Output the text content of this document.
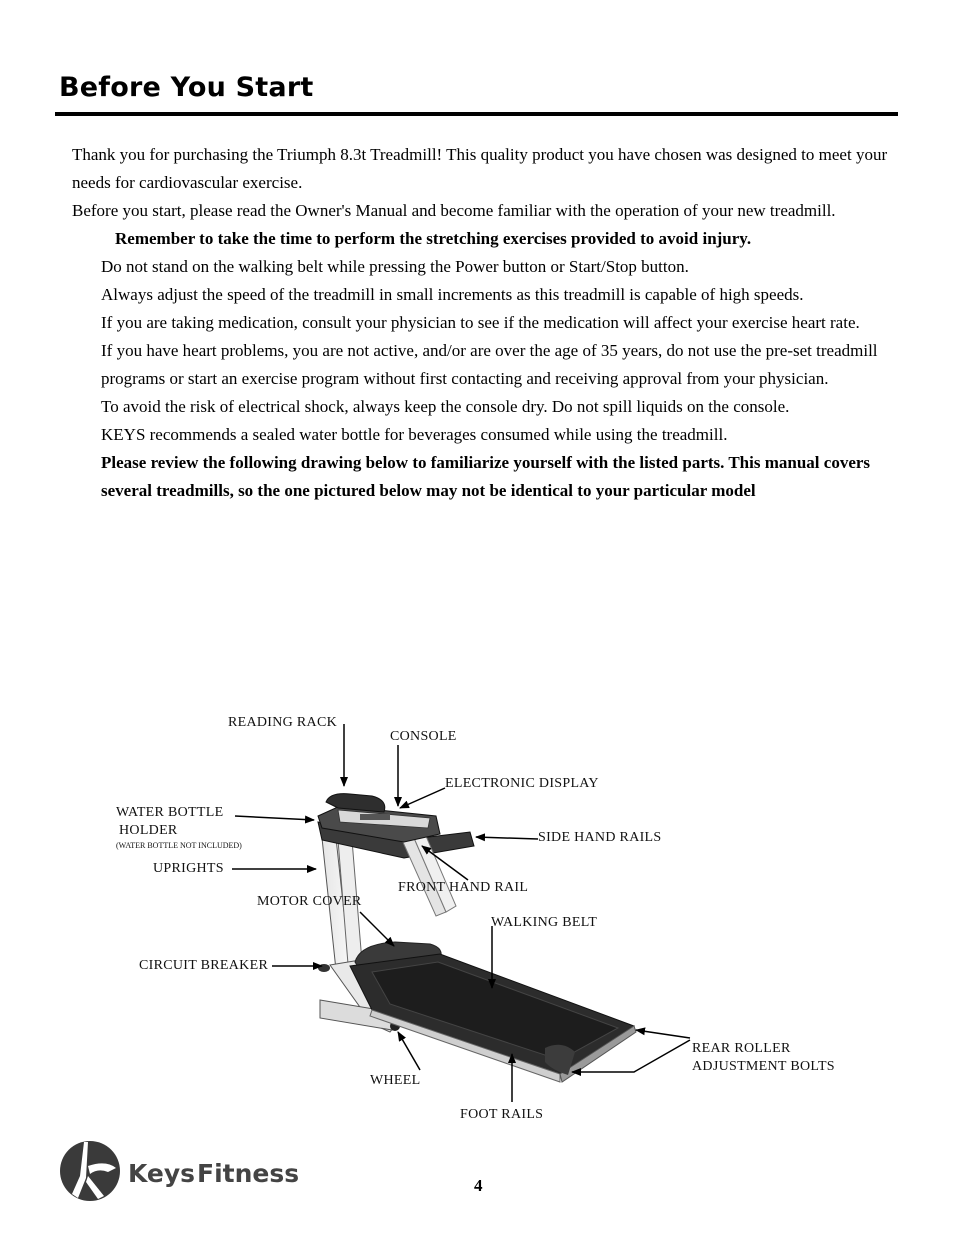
Before You Start

Thank you for purchasing the Triumph 8.3t Treadmill! This quality product you have chosen was designed to meet your needs for cardiovascular exercise.

Before you start, please read the Owner's Manual and become familiar with the operation of your new treadmill.

Remember to take the time to perform the stretching exercises provided to avoid injury.

Do not stand on the walking belt while pressing the Power button or Start/Stop button.

Always adjust the speed of the treadmill in small increments as this treadmill is capable of high speeds.

If you are taking medication, consult your physician to see if the medication will affect your exercise heart rate.

If you have heart problems, you are not active, and/or are over the age of 35 years, do not use the pre-set treadmill programs or start an exercise program without first contacting and receiving approval from your physician.

To avoid the risk of electrical shock, always keep the console dry. Do not spill liquids on the console.

KEYS recommends a sealed water bottle for beverages consumed while using the treadmill.

Please review the following drawing below to familiarize yourself with the listed parts. This manual covers several treadmills, so the one pictured below may not be identical to your particular model

READING RACK
CONSOLE
ELECTRONIC DISPLAY
WATER BOTTLE
HOLDER
(WATER BOTTLE NOT INCLUDED)
SIDE HAND RAILS
UPRIGHTS
FRONT HAND RAIL
MOTOR COVER
WALKING BELT
CIRCUIT BREAKER
REAR ROLLER
ADJUSTMENT BOLTS
WHEEL
FOOT RAILS
Keys Fitness	4
